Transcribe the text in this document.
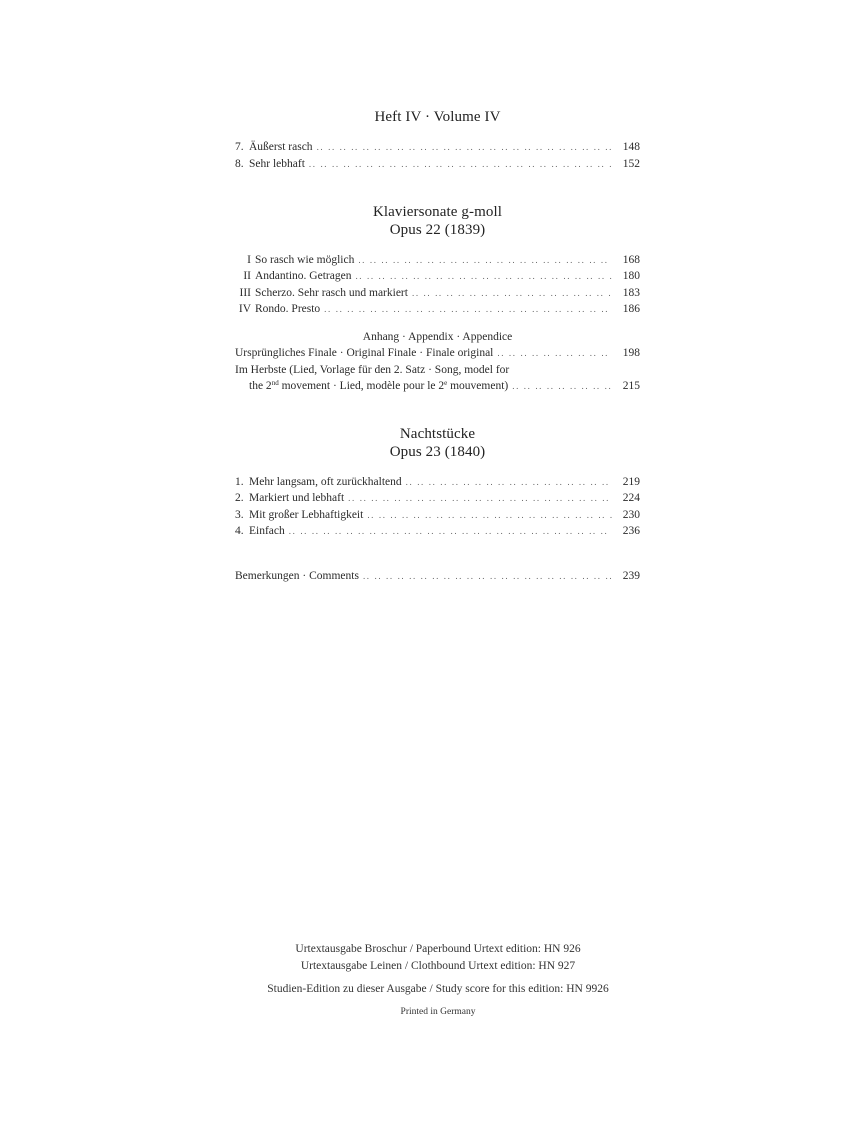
Heft IV · Volume IV
7. Äußerst rasch .. ..	148
8. Sehr lebhaft .. ..	152
Klaviersonate g-moll
Opus 22 (1839)
I So rasch wie möglich .. ..	168
II Andantino. Getragen .. ..	180
III Scherzo. Sehr rasch und markiert .. ..	183
IV Rondo. Presto .. ..	186
Anhang · Appendix · Appendice
Ursprüngliches Finale · Original Finale · Finale original .. ..	198
Im Herbste (Lied, Vorlage für den 2. Satz · Song, model for
the 2nd movement · Lied, modèle pour le 2e mouvement) .. ..	215
Nachtstücke
Opus 23 (1840)
1. Mehr langsam, oft zurückhaltend .. ..	219
2. Markiert und lebhaft .. ..	224
3. Mit großer Lebhaftigkeit .. ..	230
4. Einfach .. ..	236
Bemerkungen · Comments .. ..	239
Urtextausgabe Broschur / Paperbound Urtext edition: HN 926
Urtextausgabe Leinen / Clothbound Urtext edition: HN 927
Studien-Edition zu dieser Ausgabe / Study score for this edition: HN 9926
Printed in Germany
